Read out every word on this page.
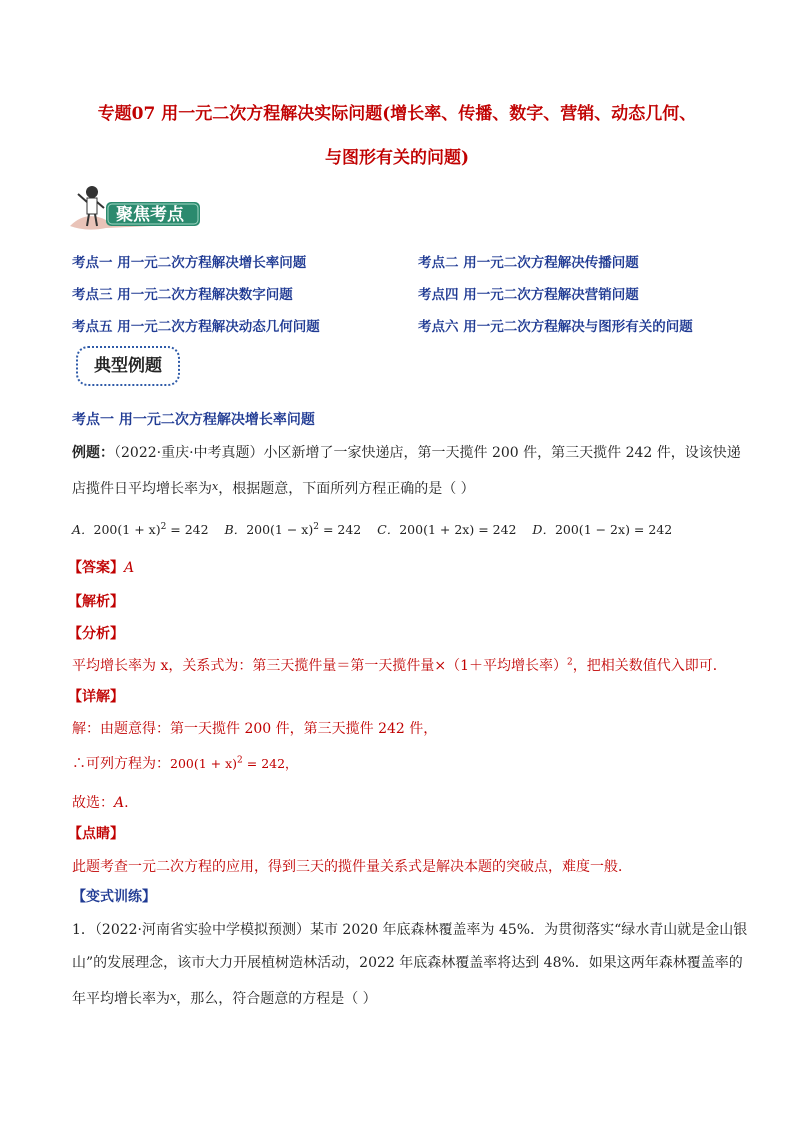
专题07 用一元二次方程解决实际问题(增长率、传播、数字、营销、动态几何、
与图形有关的问题)
聚焦考点
考点一 用一元二次方程解决增长率问题	考点二 用一元二次方程解决传播问题
考点三 用一元二次方程解决数字问题	考点四 用一元二次方程解决营销问题
考点五 用一元二次方程解决动态几何问题	考点六 用一元二次方程解决与图形有关的问题
典型例题
考点一 用一元二次方程解决增长率问题
例题：（2022·重庆·中考真题）小区新增了一家快递店，第一天揽件 200 件，第三天揽件 242 件，设该快递
店揽件日平均增长率为$^x$，根据题意，下面所列方程正确的是（ ）
A．$200(1 + x)^2 = 242$ B．$200(1 - x)^2 = 242$ C．200(1 + 2x) = 242 D．200(1 − 2x) = 242
【答案】A
【解析】
【分析】
平均增长率为 x，关系式为：第三天揽件量＝第一天揽件量×（1＋平均增长率）$^2$，把相关数值代入即可．
【详解】
解：由题意得：第一天揽件 200 件，第三天揽件 242 件，
∴可列方程为：$200(1 + x)^2 = 242$，
故选：A.
【点睛】
此题考查一元二次方程的应用，得到三天的揽件量关系式是解决本题的突破点，难度一般．
【变式训练】
1．（2022·河南省实验中学模拟预测）某市 2020 年底森林覆盖率为 45%．为贯彻落实“绿水青山就是金山银
山”的发展理念，该市大力开展植树造林活动，2022 年底森林覆盖率将达到 48%．如果这两年森林覆盖率的
年平均增长率为$^x$，那么，符合题意的方程是（ ）
